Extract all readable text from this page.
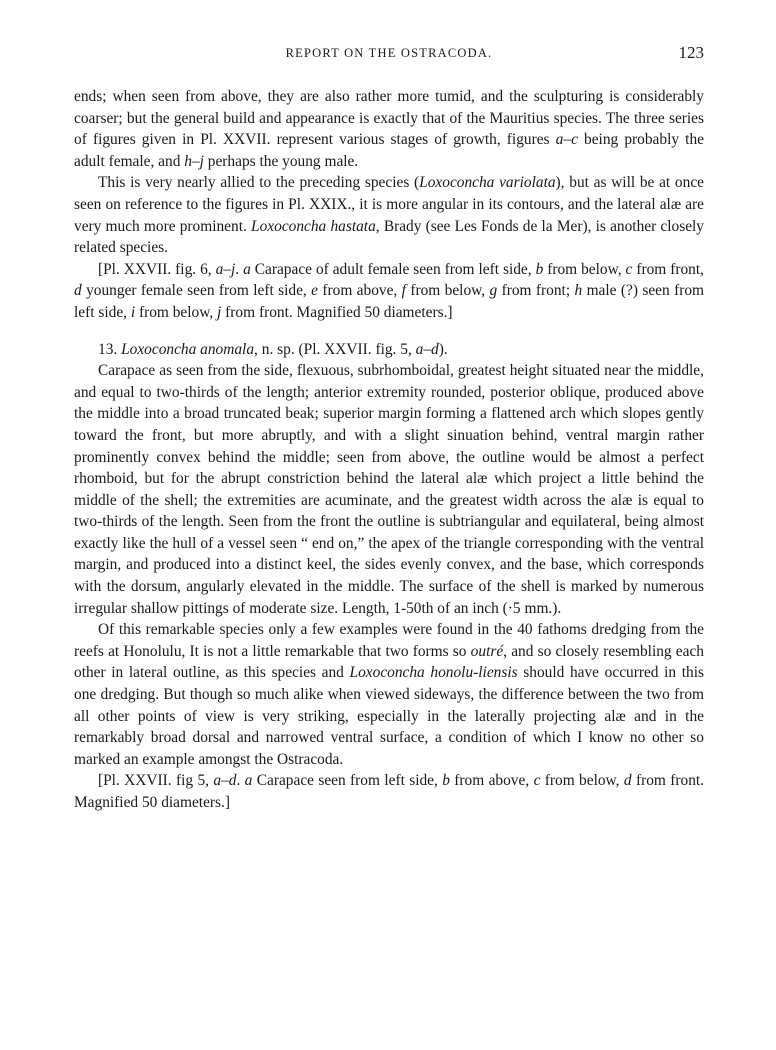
REPORT ON THE OSTRACODA.	123

ends; when seen from above, they are also rather more tumid, and the sculpturing is considerably coarser; but the general build and appearance is exactly that of the Mauritius species. The three series of figures given in Pl. XXVII. represent various stages of growth, figures a–c being probably the adult female, and h–j perhaps the young male.

This is very nearly allied to the preceding species (Loxoconcha variolata), but as will be at once seen on reference to the figures in Pl. XXIX., it is more angular in its contours, and the lateral alæ are very much more prominent. Loxoconcha hastata, Brady (see Les Fonds de la Mer), is another closely related species.

[Pl. XXVII. fig. 6, a–j. a Carapace of adult female seen from left side, b from below, c from front, d younger female seen from left side, e from above, f from below, g from front; h male (?) seen from left side, i from below, j from front. Magnified 50 diameters.]

13. Loxoconcha anomala, n. sp. (Pl. XXVII. fig. 5, a–d).

Carapace as seen from the side, flexuous, subrhomboidal, greatest height situated near the middle, and equal to two-thirds of the length; anterior extremity rounded, posterior oblique, produced above the middle into a broad truncated beak; superior margin forming a flattened arch which slopes gently toward the front, but more abruptly, and with a slight sinuation behind, ventral margin rather prominently convex behind the middle; seen from above, the outline would be almost a perfect rhomboid, but for the abrupt constriction behind the lateral alæ which project a little behind the middle of the shell; the extremities are acuminate, and the greatest width across the alæ is equal to two-thirds of the length. Seen from the front the outline is subtriangular and equilateral, being almost exactly like the hull of a vessel seen “ end on,” the apex of the triangle corresponding with the ventral margin, and produced into a distinct keel, the sides evenly convex, and the base, which corresponds with the dorsum, angularly elevated in the middle. The surface of the shell is marked by numerous irregular shallow pittings of moderate size. Length, 1-50th of an inch (·5 mm.).

Of this remarkable species only a few examples were found in the 40 fathoms dredging from the reefs at Honolulu, It is not a little remarkable that two forms so outré, and so closely resembling each other in lateral outline, as this species and Loxoconcha honolu-liensis should have occurred in this one dredging. But though so much alike when viewed sideways, the difference between the two from all other points of view is very striking, especially in the laterally projecting alæ and in the remarkably broad dorsal and narrowed ventral surface, a condition of which I know no other so marked an example amongst the Ostracoda.

[Pl. XXVII. fig 5, a–d. a Carapace seen from left side, b from above, c from below, d from front. Magnified 50 diameters.]
